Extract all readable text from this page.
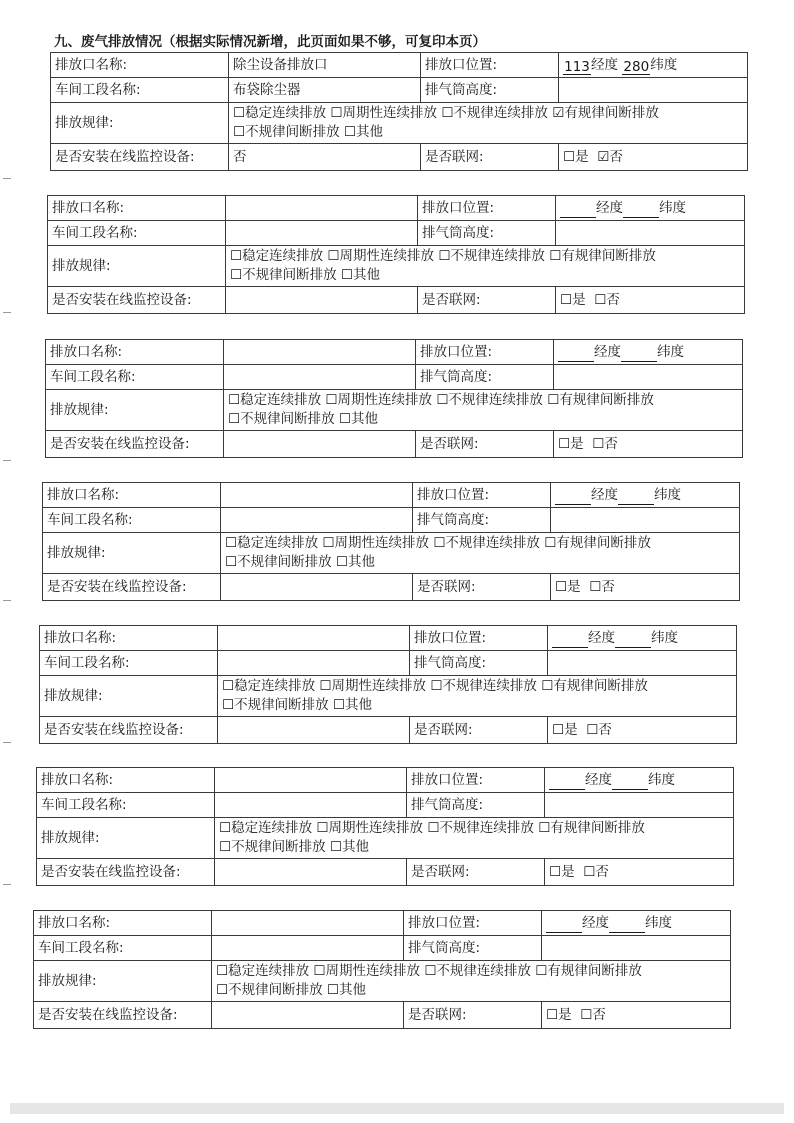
九、废气排放情况（根据实际情况新增，此页面如果不够，可复印本页）
排放口名称:	除尘设备排放口	排放口位置:	113经度 280纬度
车间工段名称:	布袋除尘器	排气筒高度:	
排放规律:	☐稳定连续排放 ☐周期性连续排放 ☐不规律连续排放 ☑有规律间断排放 ☐不规律间断排放 ☐其他		
是否安装在线监控设备:	否	是否联网:	☐是 ☑否
排放口名称:		排放口位置:	经度 纬度
车间工段名称:		排气筒高度:	
排放规律:	☐稳定连续排放 ☐周期性连续排放 ☐不规律连续排放 ☐有规律间断排放 ☐不规律间断排放 ☐其他		
是否安装在线监控设备:		是否联网:	☐是 ☐否
排放口名称:		排放口位置:	经度 纬度
车间工段名称:		排气筒高度:	
排放规律:	☐稳定连续排放 ☐周期性连续排放 ☐不规律连续排放 ☐有规律间断排放 ☐不规律间断排放 ☐其他		
是否安装在线监控设备:		是否联网:	☐是 ☐否
排放口名称:		排放口位置:	经度 纬度
车间工段名称:		排气筒高度:	
排放规律:	☐稳定连续排放 ☐周期性连续排放 ☐不规律连续排放 ☐有规律间断排放 ☐不规律间断排放 ☐其他		
是否安装在线监控设备:		是否联网:	☐是 ☐否
排放口名称:		排放口位置:	经度 纬度
车间工段名称:		排气筒高度:	
排放规律:	☐稳定连续排放 ☐周期性连续排放 ☐不规律连续排放 ☐有规律间断排放 ☐不规律间断排放 ☐其他		
是否安装在线监控设备:		是否联网:	☐是 ☐否
排放口名称:		排放口位置:	经度 纬度
车间工段名称:		排气筒高度:	
排放规律:	☐稳定连续排放 ☐周期性连续排放 ☐不规律连续排放 ☐有规律间断排放 ☐不规律间断排放 ☐其他		
是否安装在线监控设备:		是否联网:	☐是 ☐否
排放口名称:		排放口位置:	经度 纬度
车间工段名称:		排气筒高度:	
排放规律:	☐稳定连续排放 ☐周期性连续排放 ☐不规律连续排放 ☐有规律间断排放 ☐不规律间断排放 ☐其他		
是否安装在线监控设备:		是否联网:	☐是 ☐否
